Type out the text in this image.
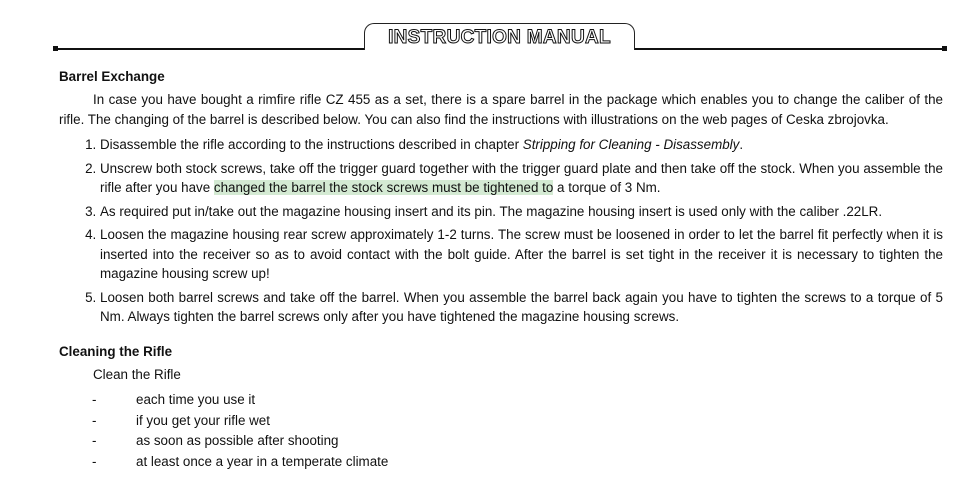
INSTRUCTION MANUAL
Barrel Exchange

In case you have bought a rimfire rifle CZ 455 as a set, there is a spare barrel in the package which enables you to change the caliber of the rifle. The changing of the barrel is described below. You can also find the instructions with illustrations on the web pages of Ceska zbrojovka.

1. Disassemble the rifle according to the instructions described in chapter Stripping for Cleaning - Disassembly.
2. Unscrew both stock screws, take off the trigger guard together with the trigger guard plate and then take off the stock. When you assemble the rifle after you have changed the barrel the stock screws must be tightened to a torque of 3 Nm.
3. As required put in/take out the magazine housing insert and its pin. The magazine housing insert is used only with the caliber .22LR.
4. Loosen the magazine housing rear screw approximately 1-2 turns. The screw must be loosened in order to let the barrel fit perfectly when it is inserted into the receiver so as to avoid contact with the bolt guide. After the barrel is set tight in the receiver it is necessary to tighten the magazine housing screw up!
5. Loosen both barrel screws and take off the barrel. When you assemble the barrel back again you have to tighten the screws to a torque of 5 Nm. Always tighten the barrel screws only after you have tightened the magazine housing screws.
Cleaning the Rifle
Clean the Rifle
-	each time you use it
-	if you get your rifle wet
-	as soon as possible after shooting
-	at least once a year in a temperate climate
